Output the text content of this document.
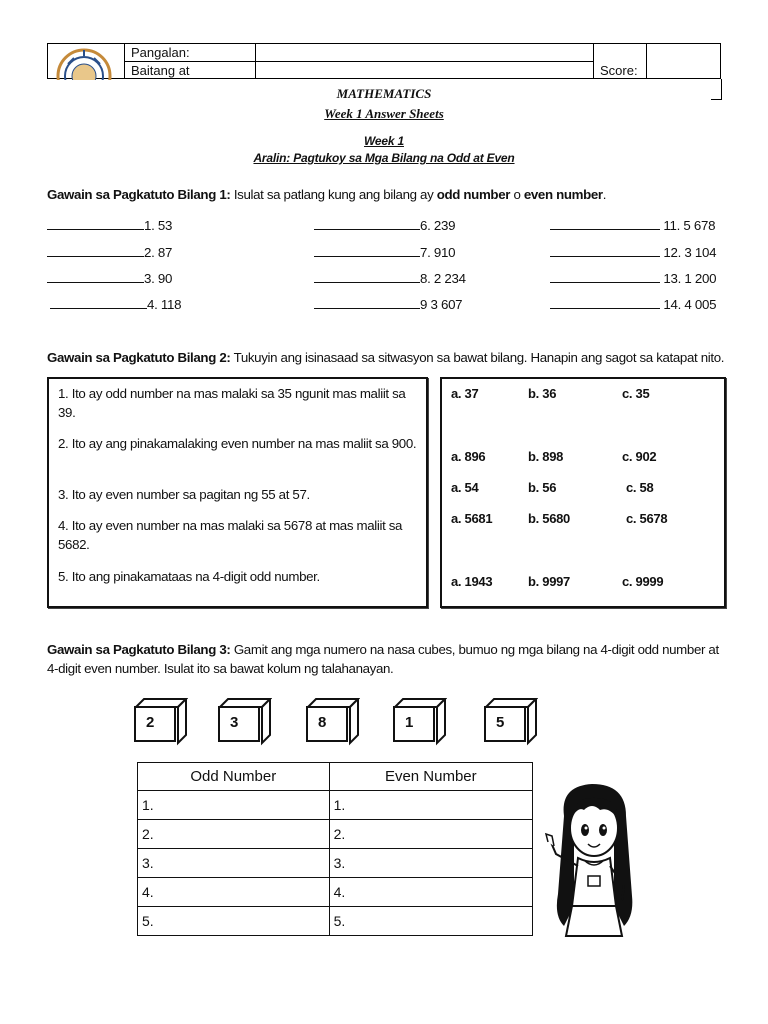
Pangalan:
Baitang at	Score:
MATHEMATICS
Week 1 Answer Sheets
Week 1
Aralin: Pagtukoy sa Mga Bilang na Odd at Even
Gawain sa Pagkatuto Bilang 1: Isulat sa patlang kung ang bilang ay odd number o even number.
1. 53
2. 87
3. 90
4. 118
6. 239
7. 910
8. 2 234
9 3 607
11. 5 678
12. 3 104
13. 1 200
14. 4 005
Gawain sa Pagkatuto Bilang 2: Tukuyin ang isinasaad sa sitwasyon sa bawat bilang. Hanapin ang sagot sa katapat nito.
1. Ito ay odd number na mas malaki sa 35 ngunit mas maliit sa 39.
2. Ito ay ang pinakamalaking even number na mas maliit sa 900.
3. Ito ay even number sa pagitan ng 55 at 57.
4. Ito ay even number na mas malaki sa 5678 at mas maliit sa 5682.
5. Ito ang pinakamataas na 4-digit odd number.
a. 37	b. 36	c. 35
a. 896	b. 898	c. 902
a. 54	b. 56	c. 58
a. 5681	b. 5680	c. 5678
a. 1943	b. 9997	c. 9999
Gawain sa Pagkatuto Bilang 3: Gamit ang mga numero na nasa cubes, bumuo ng mga bilang na 4-digit odd number at 4-digit even number. Isulat ito sa bawat kolum ng talahanayan.
2	3	8	1	5
Odd Number	Even Number
1.	1.
2.	2.
3.	3.
4.	4.
5.	5.
